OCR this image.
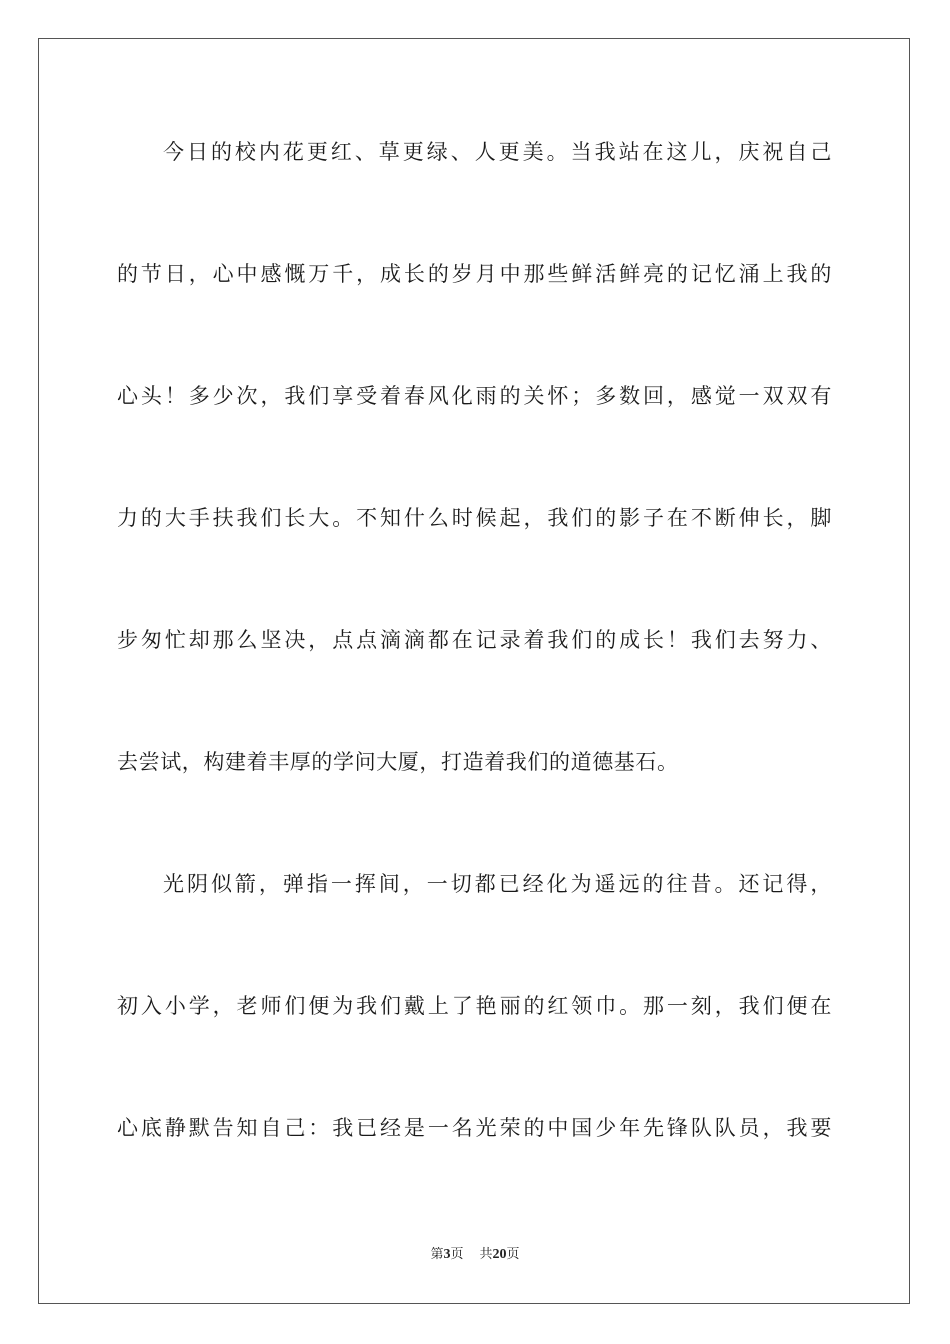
今日的校内花更红、草更绿、人更美。当我站在这儿，庆祝自己
的节日，心中感慨万千，成长的岁月中那些鲜活鲜亮的记忆涌上我的
心头！多少次，我们享受着春风化雨的关怀；多数回，感觉一双双有
力的大手扶我们长大。不知什么时候起，我们的影子在不断伸长，脚
步匆忙却那么坚决，点点滴滴都在记录着我们的成长！我们去努力、
去尝试，构建着丰厚的学问大厦，打造着我们的道德基石。
光阴似箭，弹指一挥间，一切都已经化为遥远的往昔。还记得，
初入小学，老师们便为我们戴上了艳丽的红领巾。那一刻，我们便在
心底静默告知自己：我已经是一名光荣的中国少年先锋队队员，我要
第3页 共20页
